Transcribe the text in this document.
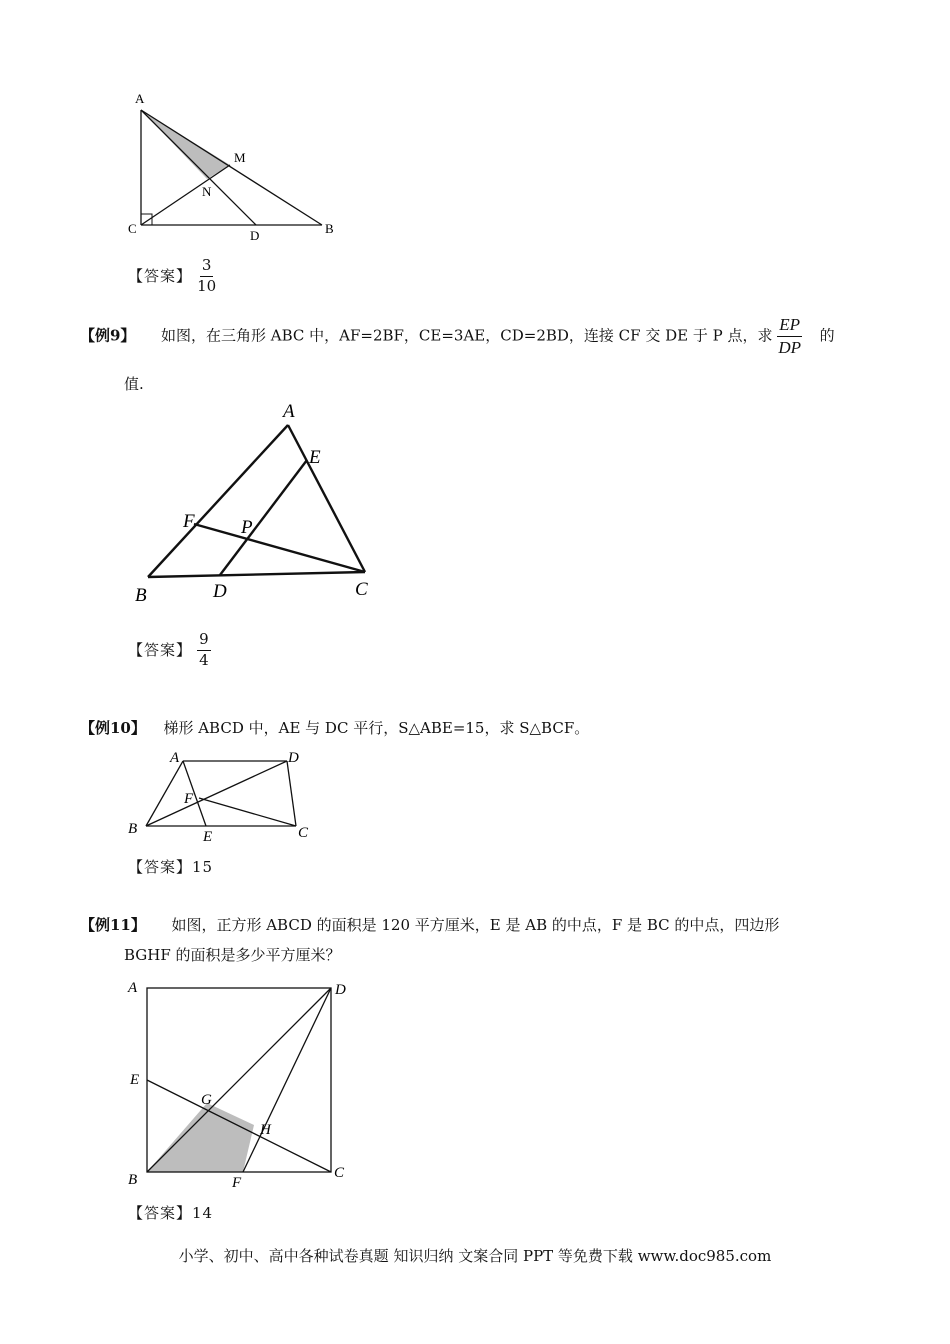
A
M
N
C	D	B
【答案】 $\frac{3}{10}$
【例9】 如图，在三角形 ABC 中，AF=2BF，CE=3AE，CD=2BD，连接 CF 交 DE 于 P 点，求 $\frac{EP}{DP}$ 的
值.
A
E
F P
B	D	C
【答案】 $\frac{9}{4}$
【例10】 梯形 ABCD 中，AE 与 DC 平行，S△ABE=15，求 S△BCF。
A	D
F
B	E	C
【答案】15
【例11】 如图，正方形 ABCD 的面积是 120 平方厘米，E 是 AB 的中点，F 是 BC 的中点，四边形
BGHF 的面积是多少平方厘米？
A	D
E
G
H
B	F
C
【答案】14
小学、初中、高中各种试卷真题 知识归纳 文案合同 PPT 等免费下载 www.doc985.com
